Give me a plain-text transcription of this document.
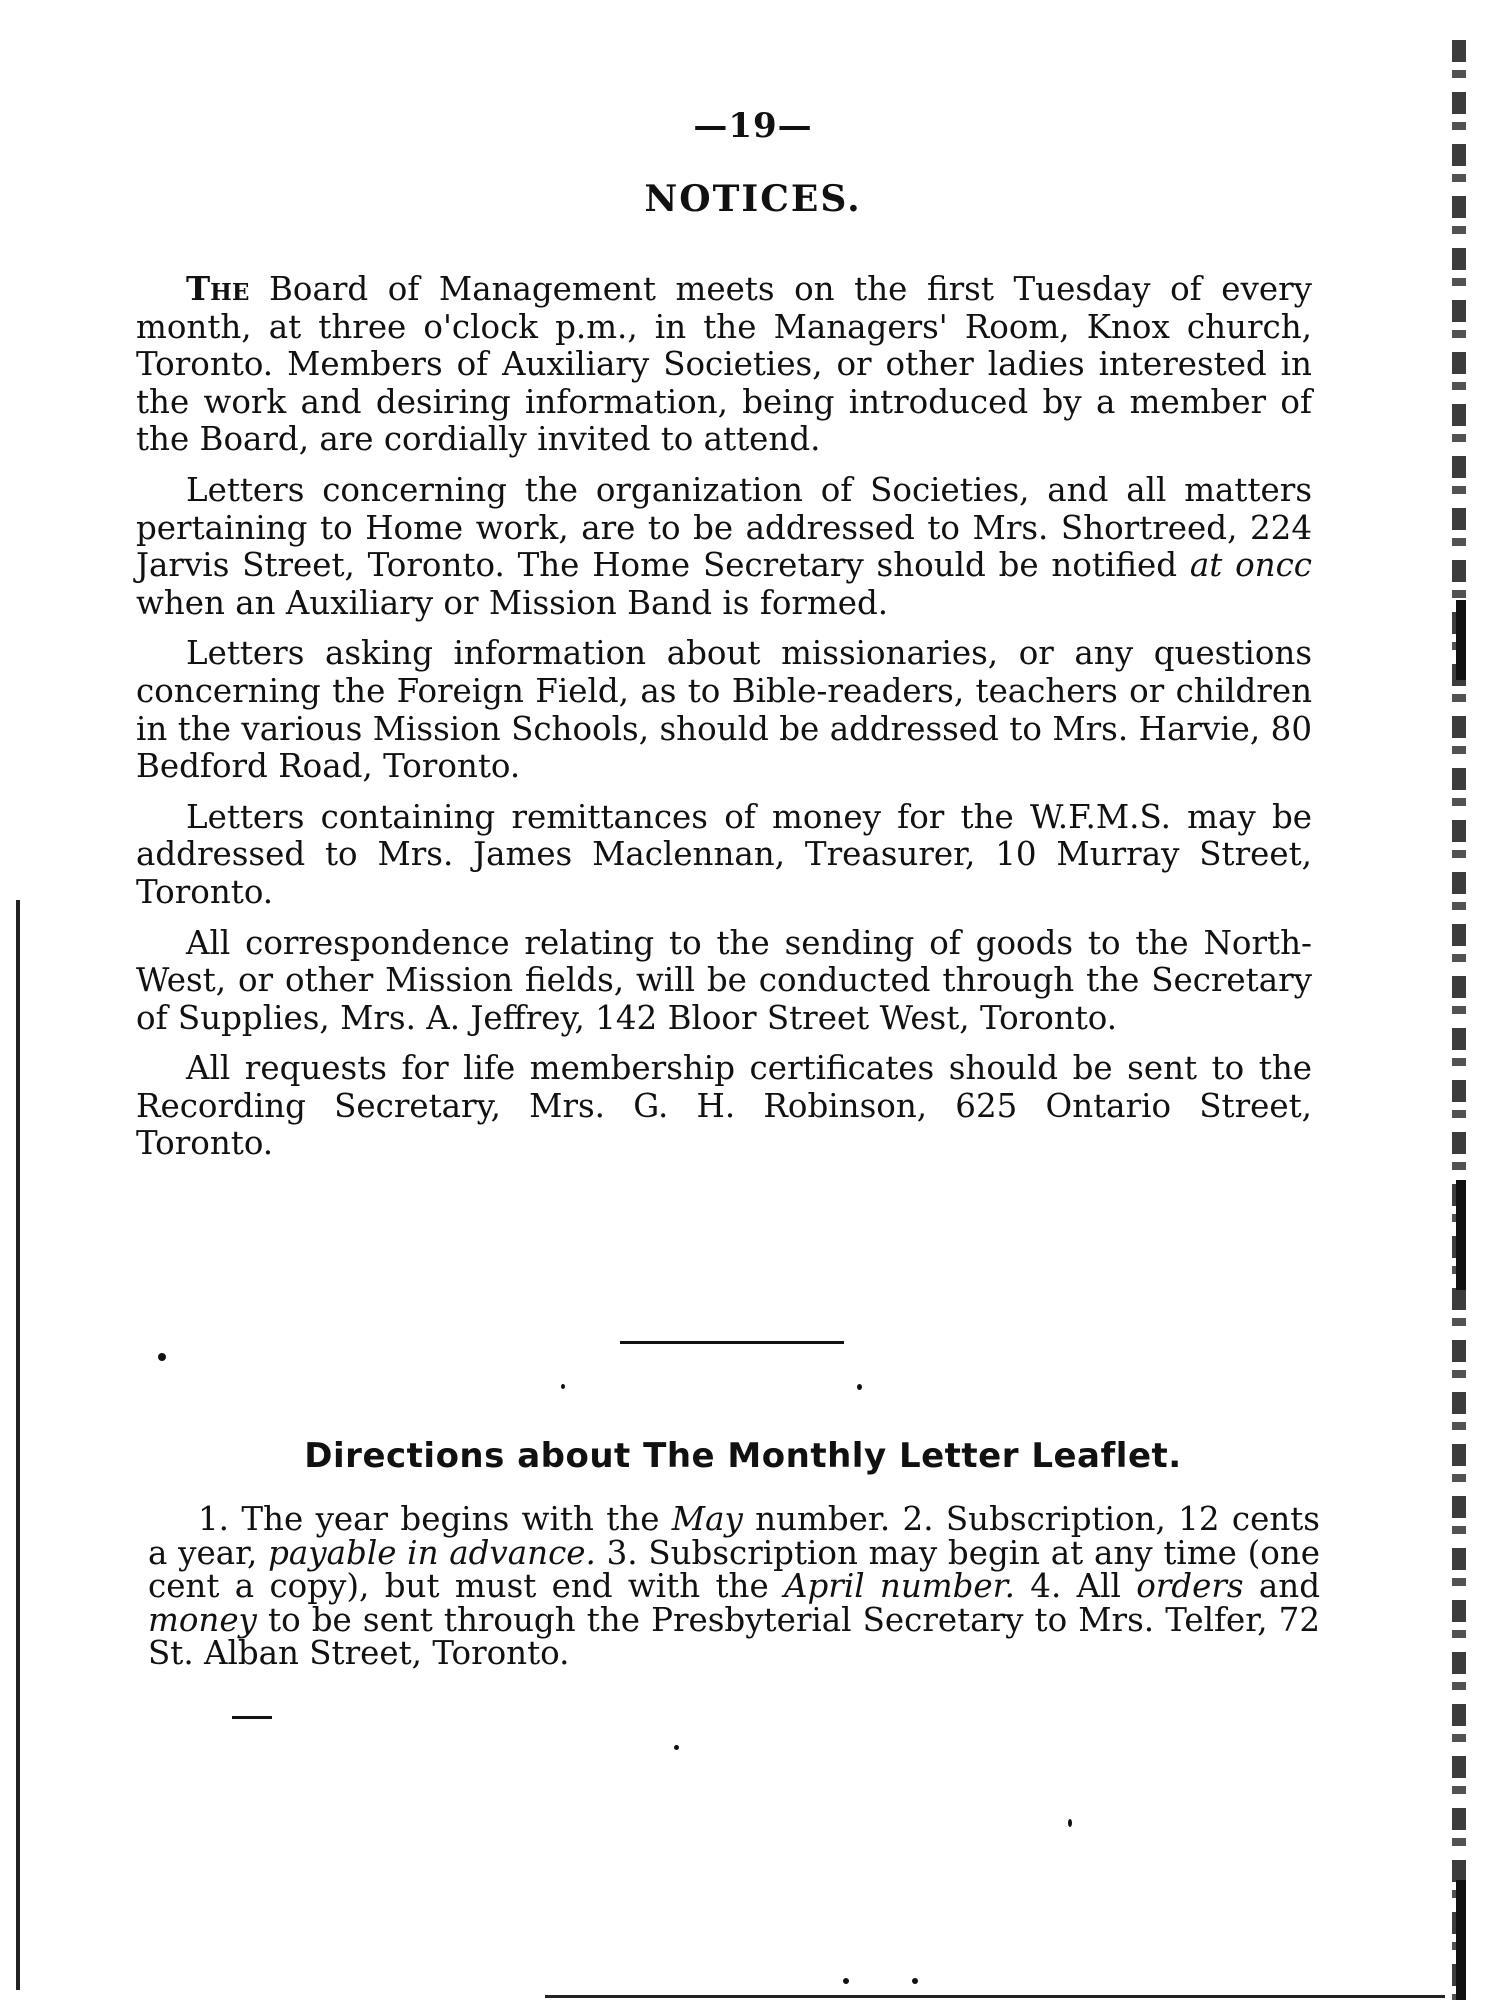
—19—
NOTICES.

The Board of Management meets on the first Tuesday of every month, at three o'clock p.m., in the Managers' Room, Knox church, Toronto. Members of Auxiliary Societies, or other ladies interested in the work and desiring information, being introduced by a member of the Board, are cordially invited to attend.

Letters concerning the organization of Societies, and all matters pertaining to Home work, are to be addressed to Mrs. Shortreed, 224 Jarvis Street, Toronto. The Home Secretary should be notified at oncc when an Auxiliary or Mission Band is formed.

Letters asking information about missionaries, or any questions concerning the Foreign Field, as to Bible-readers, teachers or children in the various Mission Schools, should be addressed to Mrs. Harvie, 80 Bedford Road, Toronto.

Letters containing remittances of money for the W.F.M.S. may be addressed to Mrs. James Maclennan, Treasurer, 10 Murray Street, Toronto.

All correspondence relating to the sending of goods to the North-West, or other Mission fields, will be conducted through the Secretary of Supplies, Mrs. A. Jeffrey, 142 Bloor Street West, Toronto.

All requests for life membership certificates should be sent to the Recording Secretary, Mrs. G. H. Robinson, 625 Ontario Street, Toronto.

Directions about The Monthly Letter Leaflet.

1. The year begins with the May number. 2. Subscription, 12 cents a year, payable in advance. 3. Subscription may begin at any time (one cent a copy), but must end with the April number. 4. All orders and money to be sent through the Presbyterial Secretary to Mrs. Telfer, 72 St. Alban Street, Toronto.
